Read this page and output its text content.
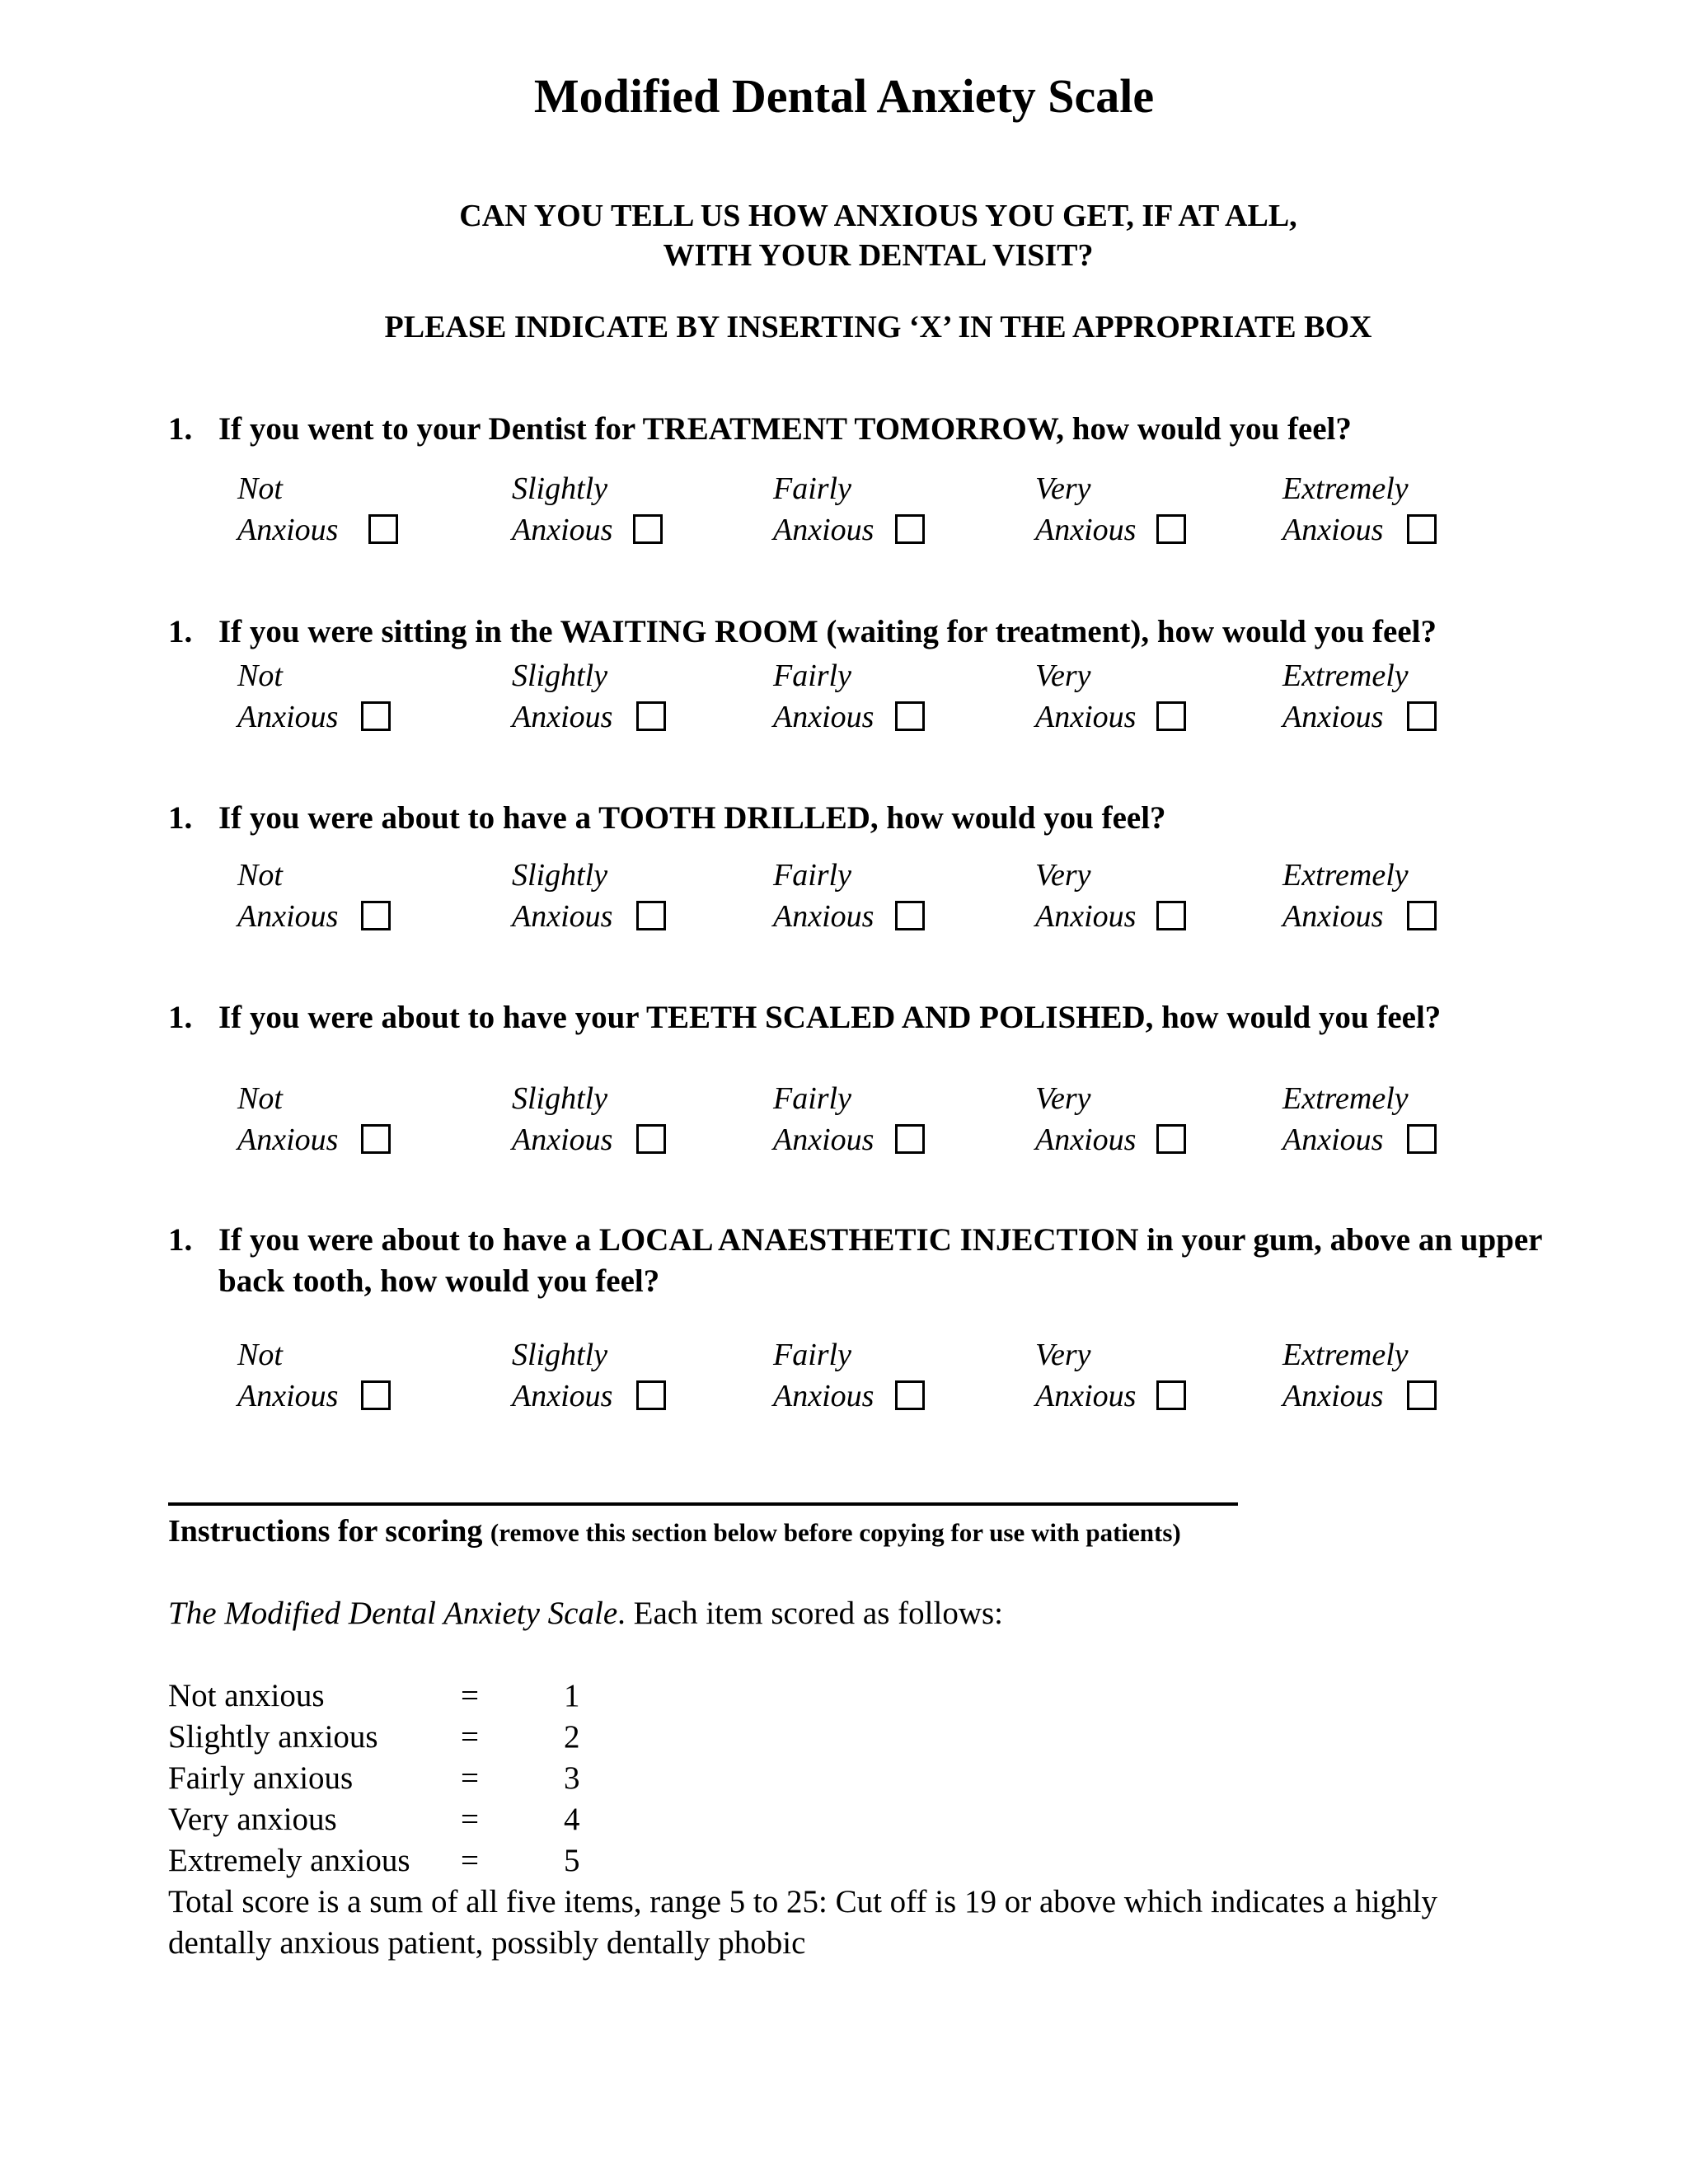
Modified Dental Anxiety Scale
CAN YOU TELL US HOW ANXIOUS YOU GET, IF AT ALL,
WITH YOUR DENTAL VISIT?
PLEASE INDICATE BY INSERTING ‘X’ IN THE APPROPRIATE BOX
1. If you went to your Dentist for TREATMENT TOMORROW, how would you feel?
Not
Anxious
Slightly
Anxious
Fairly
Anxious
Very
Anxious
Extremely
Anxious
1. If you were sitting in the WAITING ROOM (waiting for treatment), how would you feel?
Not
Anxious
Slightly
Anxious
Fairly
Anxious
Very
Anxious
Extremely
Anxious
1. If you were about to have a TOOTH DRILLED, how would you feel?
Not
Anxious
Slightly
Anxious
Fairly
Anxious
Very
Anxious
Extremely
Anxious
1. If you were about to have your TEETH SCALED AND POLISHED, how would you feel?
Not
Anxious
Slightly
Anxious
Fairly
Anxious
Very
Anxious
Extremely
Anxious
1. If you were about to have a LOCAL ANAESTHETIC INJECTION in your gum, above an upper back tooth, how would you feel?
Not
Anxious
Slightly
Anxious
Fairly
Anxious
Very
Anxious
Extremely
Anxious
Instructions for scoring (remove this section below before copying for use with patients)
The Modified Dental Anxiety Scale. Each item scored as follows:
Not anxious	=	1
Slightly anxious	=	2
Fairly anxious	=	3
Very anxious	=	4
Extremely anxious =	5
Total score is a sum of all five items, range 5 to 25: Cut off is 19 or above which indicates a highly
dentally anxious patient, possibly dentally phobic
